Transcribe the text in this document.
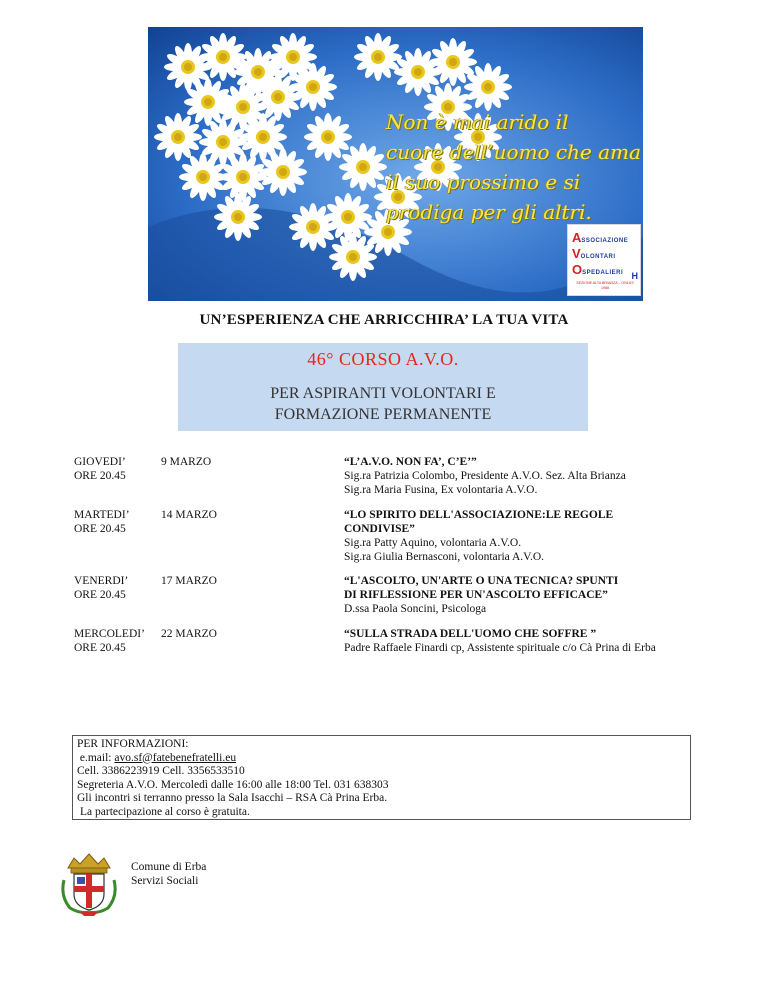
Non è mai arido il
cuore dell’uomo che ama
il suo prossimo e si
prodiga per gli altri.
ASSOCIAZIONE
VOLONTARI
OSPEDALIERI H
SEZIONE ALTA BRIANZA – ONLUS
1988
UN’ESPERIENZA CHE ARRICCHIRA’ LA TUA VITA
46° CORSO A.V.O.
PER ASPIRANTI VOLONTARI E
FORMAZIONE PERMANENTE
GIOVEDI’
ORE 20.45
9 MARZO	“L’A.V.O. NON FA’, C’E’”
Sig.ra Patrizia Colombo, Presidente A.V.O. Sez. Alta Brianza
Sig.ra Maria Fusina, Ex volontaria A.V.O.
MARTEDI’
ORE 20.45
14 MARZO	“LO SPIRITO DELL'ASSOCIAZIONE:LE REGOLE
CONDIVISE”
Sig.ra Patty Aquino, volontaria A.V.O.
Sig.ra Giulia Bernasconi, volontaria A.V.O.
VENERDI’
ORE 20.45
17 MARZO	“L'ASCOLTO, UN'ARTE O UNA TECNICA? SPUNTI
DI RIFLESSIONE PER UN'ASCOLTO EFFICACE”
D.ssa Paola Soncini, Psicologa
MERCOLEDI’
ORE 20.45
22 MARZO	“SULLA STRADA DELL'UOMO CHE SOFFRE ”
Padre Raffaele Finardi cp, Assistente spirituale c/o Cà Prina di Erba
PER INFORMAZIONI:
e.mail: avo.sf@fatebenefratelli.eu
Cell. 3386223919 Cell. 3356533510
Segreteria A.V.O. Mercoledì dalle 16:00 alle 18:00 Tel. 031 638303
Gli incontri si terranno presso la Sala Isacchi – RSA Cà Prina Erba.
La partecipazione al corso è gratuita.
Comune di Erba
Servizi Sociali
